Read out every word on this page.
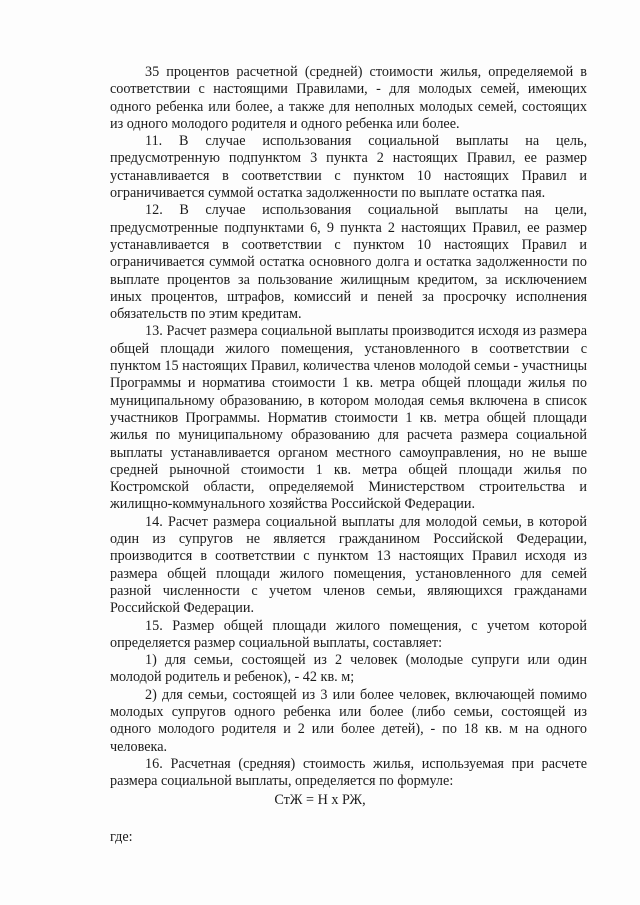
35 процентов расчетной (средней) стоимости жилья, определяемой в соответствии с настоящими Правилами, - для молодых семей, имеющих одного ребенка или более, а также для неполных молодых семей, состоящих из одного молодого родителя и одного ребенка или более.

11. В случае использования социальной выплаты на цель, предусмотренную подпунктом 3 пункта 2 настоящих Правил, ее размер устанавливается в соответствии с пунктом 10 настоящих Правил и ограничивается суммой остатка задолженности по выплате остатка пая.

12. В случае использования социальной выплаты на цели, предусмотренные подпунктами 6, 9 пункта 2 настоящих Правил, ее размер устанавливается в соответствии с пунктом 10 настоящих Правил и ограничивается суммой остатка основного долга и остатка задолженности по выплате процентов за пользование жилищным кредитом, за исключением иных процентов, штрафов, комиссий и пеней за просрочку исполнения обязательств по этим кредитам.

13. Расчет размера социальной выплаты производится исходя из размера общей площади жилого помещения, установленного в соответствии с пунктом 15 настоящих Правил, количества членов молодой семьи - участницы Программы и норматива стоимости 1 кв. метра общей площади жилья по муниципальному образованию, в котором молодая семья включена в список участников Программы. Норматив стоимости 1 кв. метра общей площади жилья по муниципальному образованию для расчета размера социальной выплаты устанавливается органом местного самоуправления, но не выше средней рыночной стоимости 1 кв. метра общей площади жилья по Костромской области, определяемой Министерством строительства и жилищно-коммунального хозяйства Российской Федерации.

14. Расчет размера социальной выплаты для молодой семьи, в которой один из супругов не является гражданином Российской Федерации, производится в соответствии с пунктом 13 настоящих Правил исходя из размера общей площади жилого помещения, установленного для семей разной численности с учетом членов семьи, являющихся гражданами Российской Федерации.

15. Размер общей площади жилого помещения, с учетом которой определяется размер социальной выплаты, составляет:

1) для семьи, состоящей из 2 человек (молодые супруги или один молодой родитель и ребенок), - 42 кв. м;

2) для семьи, состоящей из 3 или более человек, включающей помимо молодых супругов одного ребенка или более (либо семьи, состоящей из одного молодого родителя и 2 или более детей), - по 18 кв. м на одного человека.

16. Расчетная (средняя) стоимость жилья, используемая при расчете размера социальной выплаты, определяется по формуле:

СтЖ = Н х РЖ,
где:
